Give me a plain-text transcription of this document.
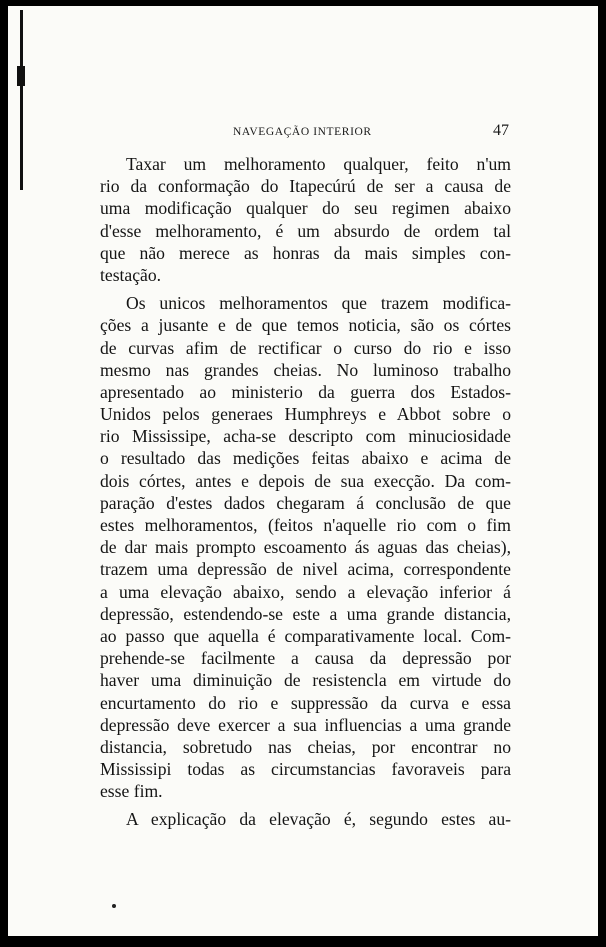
NAVEGAÇÃO INTERIOR	47
Taxar um melhoramento qualquer, feito n'um
rio da conformação do Itapecúrú de ser a causa de
uma modificação qualquer do seu regimen abaixo
d'esse melhoramento, é um absurdo de ordem tal
que não merece as honras da mais simples con-
testação.
Os unicos melhoramentos que trazem modifica-
ções a jusante e de que temos noticia, são os córtes
de curvas afim de rectificar o curso do rio e isso
mesmo nas grandes cheias. No luminoso trabalho
apresentado ao ministerio da guerra dos Estados-
Unidos pelos generaes Humphreys e Abbot sobre o
rio Mississipe, acha-se descripto com minuciosidade
o resultado das medições feitas abaixo e acima de
dois córtes, antes e depois de sua execção. Da com-
paração d'estes dados chegaram á conclusão de que
estes melhoramentos, (feitos n'aquelle rio com o fim
de dar mais prompto escoamento ás aguas das cheias),
trazem uma depressão de nivel acima, correspondente
a uma elevação abaixo, sendo a elevação inferior á
depressão, estendendo-se este a uma grande distancia,
ao passo que aquella é comparativamente local. Com-
prehende-se facilmente a causa da depressão por
haver uma diminuição de resistencla em virtude do
encurtamento do rio e suppressão da curva e essa
depressão deve exercer a sua influencias a uma grande
distancia, sobretudo nas cheias, por encontrar no
Mississipi todas as circumstancias favoraveis para
esse fim.
A explicação da elevação é, segundo estes au-
